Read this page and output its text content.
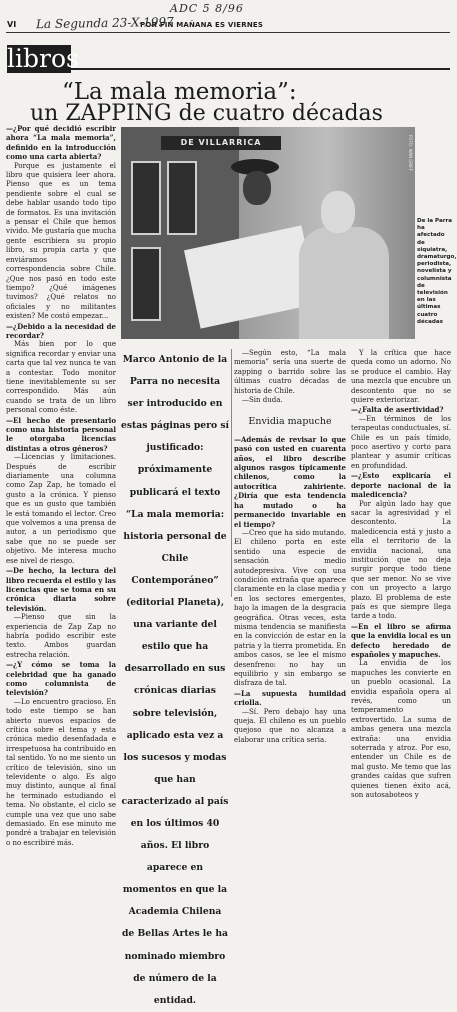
ADC 5 8/96
La Segunda 23-X-1997
VI	POR FIN MAÑANA ES VIERNES
libros
“La mala memoria”:
un ZAPPING de cuatro décadas

—¿Por qué decidió escribir ahora “La mala memoria”, definido en la introducción como una carta abierta?

Porque es justamente el libro que quisiera leer ahora. Pienso que es un tema pendiente sobre el cual se debe hablar usando todo tipo de formatos. Es una invitación a pensar el Chile que hemos vivido. Me gustaría que mucha gente escribiera su propio libro, su propia carta y que enviáramos una correspondencia sobre Chile. ¿Que nos pasó en todo este tiempo? ¿Qué imágenes tuvimos? ¿Qué relatos no oficiales y no militantes existen? Me costó empezar...

—¿Debido a la necesidad de recordar?

Más bien por lo que significa recordar y enviar una carta que tal vez nunca te van a contestar. Todo monitor tiene inevitablemente su ser correspondido. Más aún cuando se trata de un libro personal como éste.

—El hecho de presentarlo como una historia personal le otorgaba licencias distintas a otros géneros?

—Licencias y limitaciones. Después de escribir diariamente una columna como Zap Zap, he tomado el gusto a la crónica. Y pienso que es un gusto que también le está tomando el lector. Creo que volvemos a una prensa de autor, a un periodismo que sabe que no se puede ser objetivo. Me interesa mucho ese nivel de riesgo.

—De hecho, la lectura del libro recuerda el estilo y las licencias que se toma en su crónica diaria sobre televisión.

—Pienso que sin la experiencia de Zap Zap no habría podido escribir este texto. Ambos guardan estrecha relación.

—¿Y cómo se toma la celebridad que ha ganado como columnista de televisión?

—Lo encuentro gracioso. En todo este tiempo se han abierto nuevos espacios de crítica sobre el tema y esta crónica medio desenfadada e irrespetuosa ha contribuido en tal sentido. Yo no me siento un crítico de televisión, sino un televidente o algo. Es algo muy distinto, aunque al final he terminado estudiando el tema. No obstante, el ciclo se cumple una vez que uno sabe demasiado. En ese minuto me pondré a trabajar en televisión o no escribiré más.

DE VILLARRICA	FOTO: IVAN GRIFF
De la Parra ha afectado de siquiatra, dramaturgo, periodista, novelista y columnista de televisión en las últimas cuatro décadas
Marco Antonio de la Parra no necesita ser introducido en estas páginas pero sí justificado: próximamente publicará el texto “La mala memoria: historia personal de Chile Contemporáneo” (editorial Planeta), una variante del estilo que ha desarrollado en sus crónicas diarias sobre televisión, aplicado esta vez a los sucesos y modas que han caracterizado al país en los últimos 40 años. El libro aparece en momentos en que la Academia Chilena de Bellas Artes le ha nominado miembro de número de la entidad.

—Según esto, “La mala memoria” sería una suerte de zapping o barrido sobre las últimas cuatro décadas de historia de Chile.

—Sin duda.

Envidia mapuche

—Además de revisar lo que pasó con usted en cuarenta años, el libro describe algunos rasgos típicamente chilenos, como la autocrítica zahiriente. ¿Diría que esta tendencia ha mutado o ha permanecido invariable en el tiempo?

—Creo que ha sido mutando. El chileno porta en este sentido una especie de sensación medio autodepresiva. Vive con una condición extraña que aparece claramente en la clase media y en los sectores emergentes, bajo la imagen de la desgracia geográfica. Otras veces, esta misma tendencia se manifiesta en la convicción de estar en la patria y la tierra prometida. En ambos casos, se lee el mismo desenfreno: no hay un equilibrio y sin embargo se disfraza de tal.

—La supuesta humildad criolla.

—Sí. Pero debajo hay una queja. El chileno es un pueblo quejoso que no alcanza a elaborar una crítica seria.

Y la crítica que hace queda como un adorno. No se produce el cambio. Hay una mezcla que encubre un descontento que no se quiere exteriorizar.

—¿Falta de asertividad?

—En términos de los terapeutas conductuales, sí. Chile es un país tímido, poco asertivo y corto para plantear y asumir críticas en profundidad.

—¿Esto explicaría el deporte nacional de la maledicencia?

Por algún lado hay que sacar la agresividad y el descontento. La maledicencia está y justo a ella el territorio de la envidia nacional, una institución que no deja surgir porque todo tiene que ser menor. No se vive con un proyecto a largo plazo. El problema de este país es que siempre llega tarde a todo.

—En el libro se afirma que la envidia local es un defecto heredado de españoles y mapuches.

La envidia de los mapuches les convierte en un pueblo ocasional. La envidia española opera al revés, como un temperamento extrovertido. La suma de ambas genera una mezcla extraña: una envidia soterrada y atroz. Por eso, entender un Chile es de mal gusto. Me temo que las grandes caídas que sufren quienes tienen éxito acá, son autosaboteos y
